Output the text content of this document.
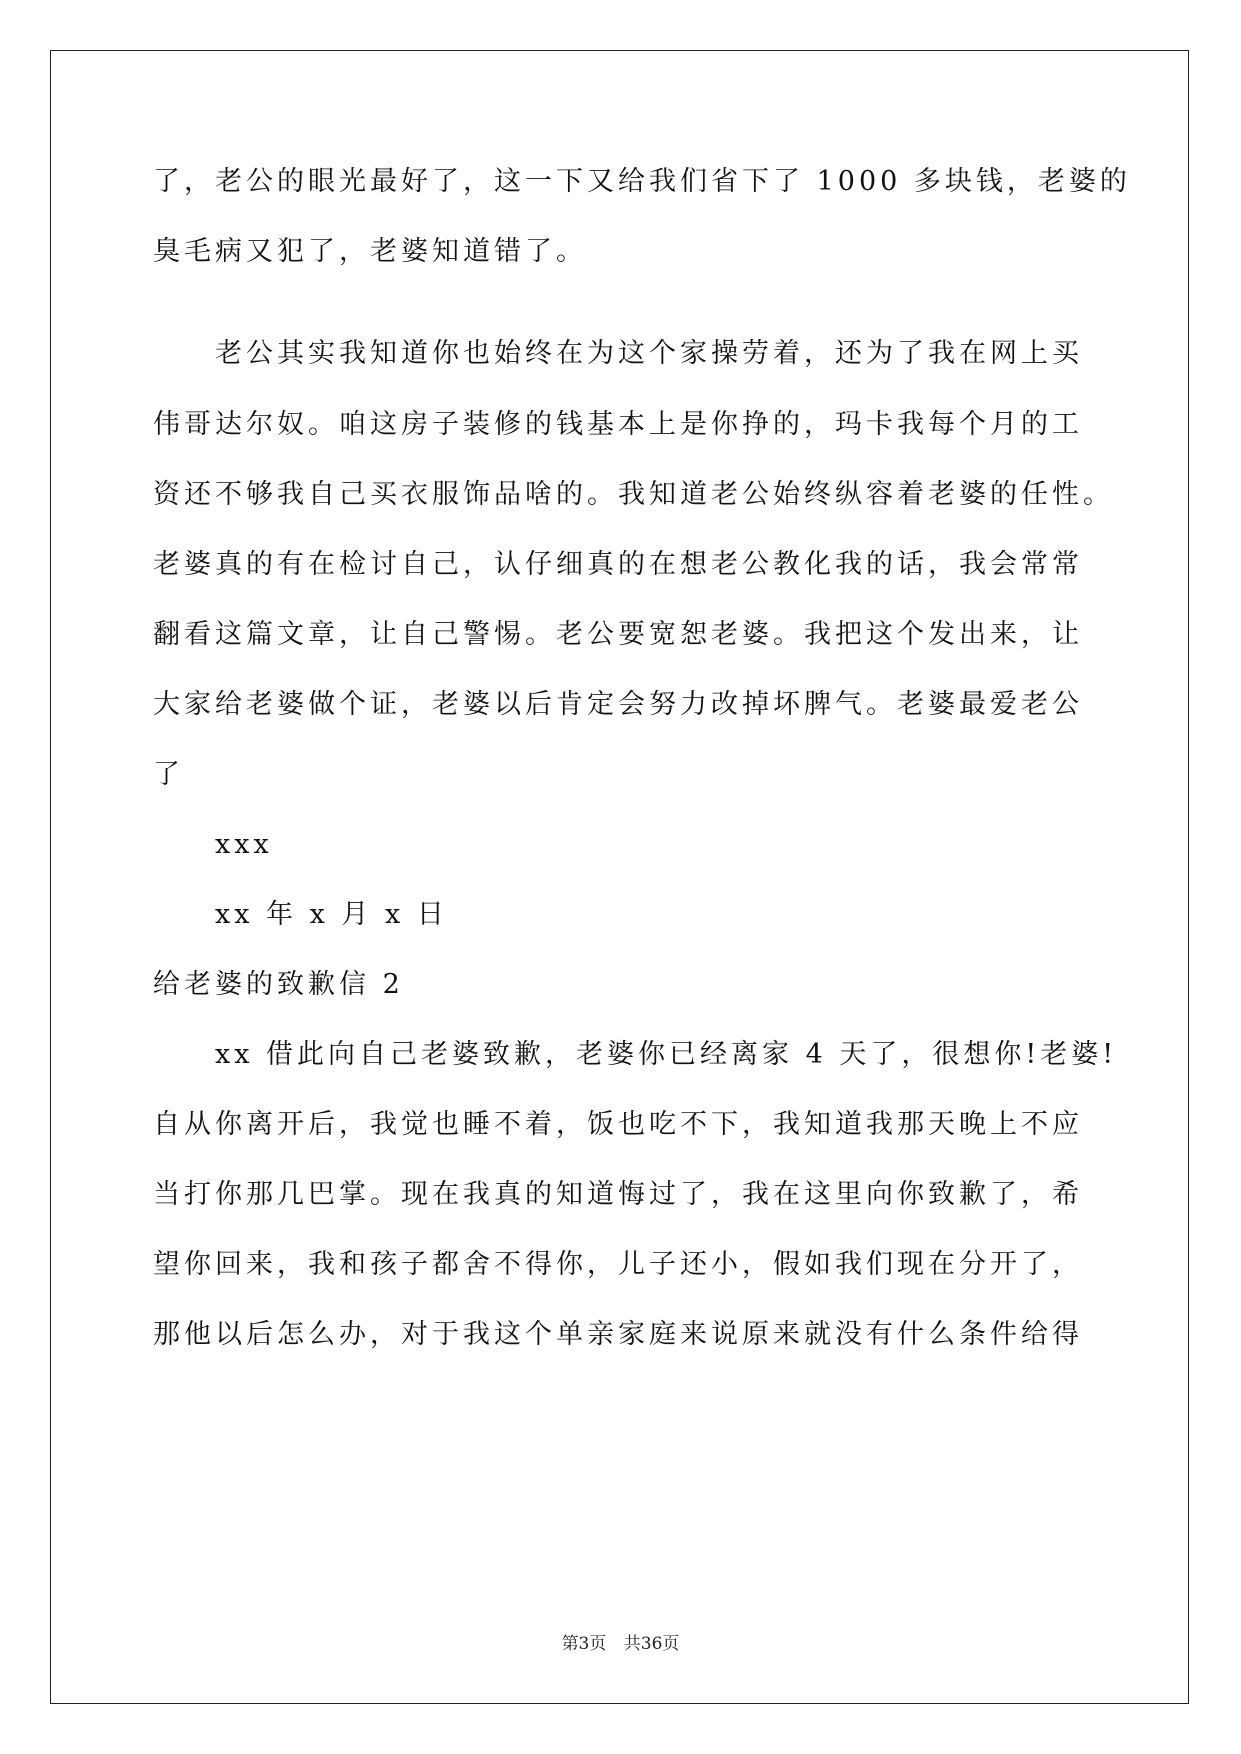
了，老公的眼光最好了，这一下又给我们省下了 1000 多块钱，老婆的
臭毛病又犯了，老婆知道错了。
老公其实我知道你也始终在为这个家操劳着，还为了我在网上买
伟哥达尔奴。咱这房子装修的钱基本上是你挣的，玛卡我每个月的工
资还不够我自己买衣服饰品啥的。我知道老公始终纵容着老婆的任性。
老婆真的有在检讨自己，认仔细真的在想老公教化我的话，我会常常
翻看这篇文章，让自己警惕。老公要宽恕老婆。我把这个发出来，让
大家给老婆做个证，老婆以后肯定会努力改掉坏脾气。老婆最爱老公
了
xxx
xx 年 x 月 x 日
给老婆的致歉信 2
xx 借此向自己老婆致歉，老婆你已经离家 4 天了，很想你!老婆!
自从你离开后，我觉也睡不着，饭也吃不下，我知道我那天晚上不应
当打你那几巴掌。现在我真的知道悔过了，我在这里向你致歉了，希
望你回来，我和孩子都舍不得你，儿子还小，假如我们现在分开了，
那他以后怎么办，对于我这个单亲家庭来说原来就没有什么条件给得
第3页 共36页
